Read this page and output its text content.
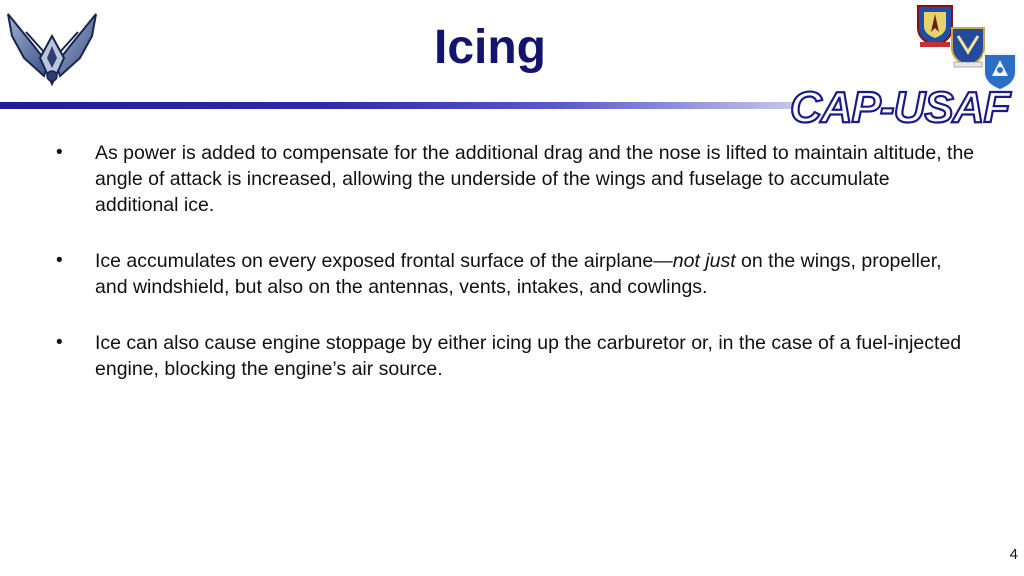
Icing
CAP-USAF
• As power is added to compensate for the additional drag and the nose is lifted to maintain altitude, the angle of attack is increased, allowing the underside of the wings and fuselage to accumulate additional ice.
• Ice accumulates on every exposed frontal surface of the airplane—not just on the wings, propeller, and windshield, but also on the antennas, vents, intakes, and cowlings.
• Ice can also cause engine stoppage by either icing up the carburetor or, in the case of a fuel-injected engine, blocking the engine’s air source.
4
